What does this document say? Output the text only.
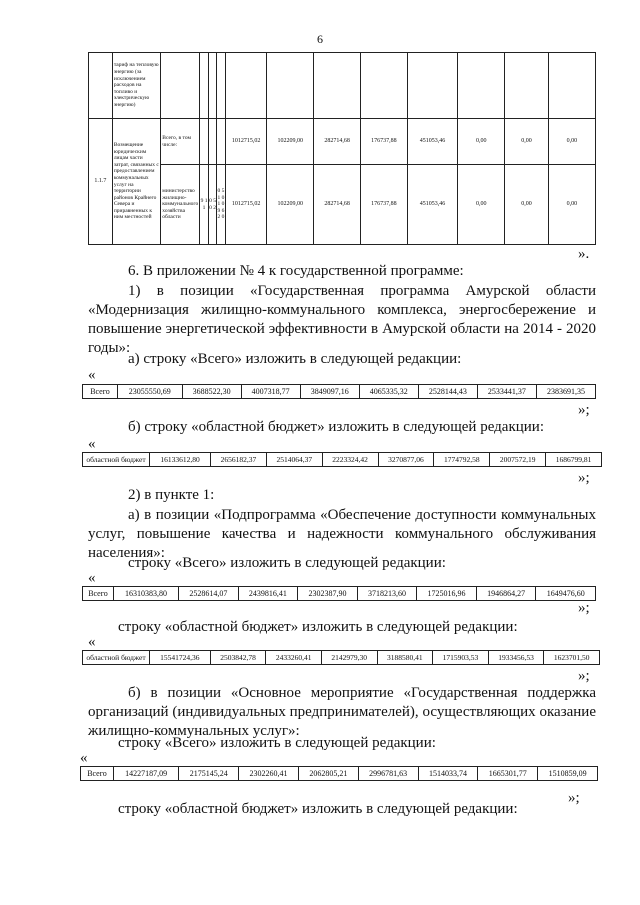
6
	тариф на тепловую энергию (за исключением расходов на топливо и электрическую энергию)												
1.1.7	Возмещение юридическим лицам части затрат, связанных с предоставлением коммунальных услуг на территории районов Крайнего Севера и приравненных к ним местностей	Всего, в том числе:				1012715,02	102209,00	282714,68	176737,88	451053,46	0,00	0,00	0,00
		министерство жилищно-коммунального хозяйства области	9 1 1	0 5 0 2	0 5 1 0 1 0 9 6 2 0	1012715,02	102209,00	282714,68	176737,88	451053,46	0,00	0,00	0,00
».
6. В приложении № 4 к государственной программе:
1) в позиции «Государственная программа Амурской области «Модернизация жилищно-коммунального комплекса, энергосбережение и повышение энергетической эффективности в Амурской области на 2014 - 2020 годы»:
а) строку «Всего» изложить в следующей редакции:
«
Всего	23055550,69	3688522,30	4007318,77	3849097,16	4065335,32	2528144,43	2533441,37	2383691,35
»;
б) строку «областной бюджет» изложить в следующей редакции:
«
областной бюджет	16133612,80	2656182,37	2514064,37	2223324,42	3270877,06	1774792,58	2007572,19	1686799,81
»;
2) в пункте 1:
а) в позиции «Подпрограмма «Обеспечение доступности коммунальных услуг, повышение качества и надежности коммунального обслуживания населения»:
строку «Всего» изложить в следующей редакции:
«
Всего	16310383,80	2528614,07	2439816,41	2302387,90	3718213,60	1725016,96	1946864,27	1649476,60
»;
строку «областной бюджет» изложить в следующей редакции:
«
областной бюджет	15541724,36	2503842,78	2433260,41	2142979,30	3188580,41	1715903,53	1933456,53	1623701,50
»;
б) в позиции «Основное мероприятие «Государственная поддержка организаций (индивидуальных предпринимателей), осуществляющих оказание жилищно-коммунальных услуг»:
строку «Всего» изложить в следующей редакции:
«
Всего	14227187,09	2175145,24	2302260,41	2062805,21	2996781,63	1514033,74	1665301,77	1510859,09
»;
строку «областной бюджет» изложить в следующей редакции:
